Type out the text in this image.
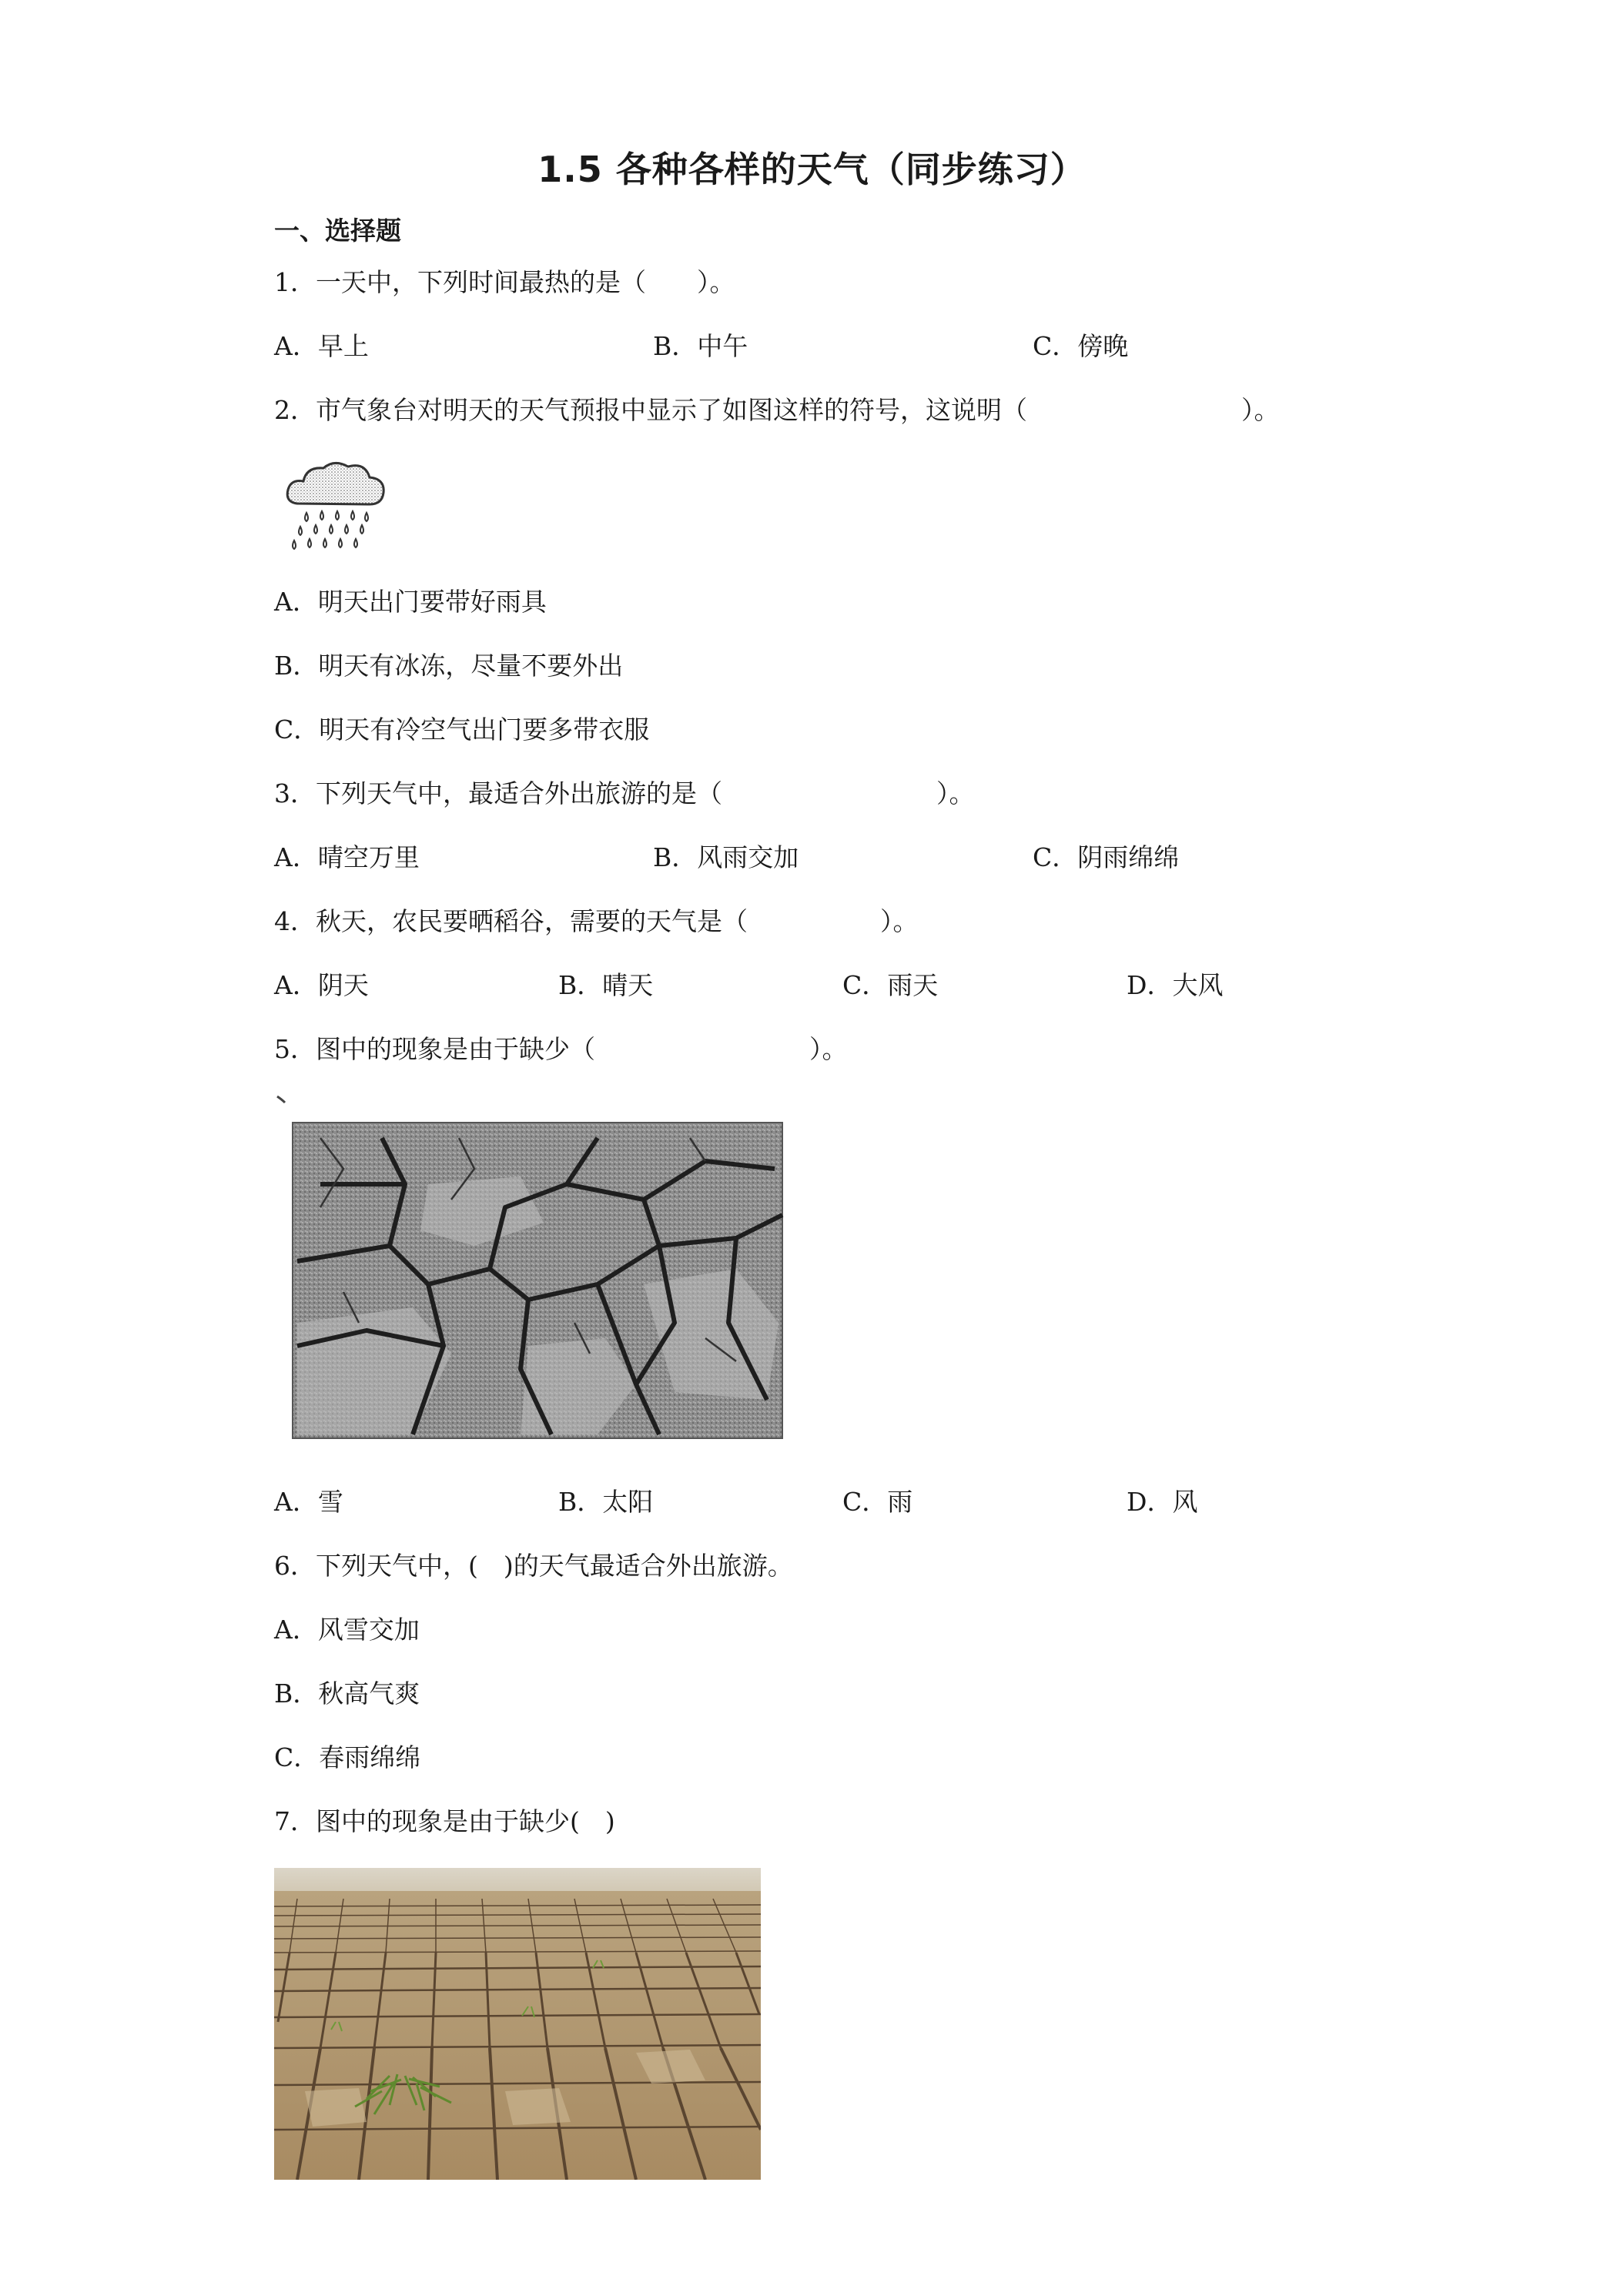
1.5 各种各样的天气（同步练习）
一、选择题
1．一天中，下列时间最热的是（　　）。
A．早上	B．中午	C．傍晚
2．市气象台对明天的天气预报中显示了如图这样的符号，这说明（	）。
A．明天出门要带好雨具
B．明天有冰冻，尽量不要外出
C．明天有冷空气出门要多带衣服
3．下列天气中，最适合外出旅游的是（	）。
A．晴空万里	B．风雨交加	C．阴雨绵绵
4．秋天，农民要晒稻谷，需要的天气是（	）。
A．阴天	B．晴天	C．雨天	D．大风
5．图中的现象是由于缺少（	）。
A．雪	B．太阳	C．雨	D．风
6．下列天气中，(　)的天气最适合外出旅游。
A．风雪交加
B．秋高气爽
C．春雨绵绵
7．图中的现象是由于缺少(　)
